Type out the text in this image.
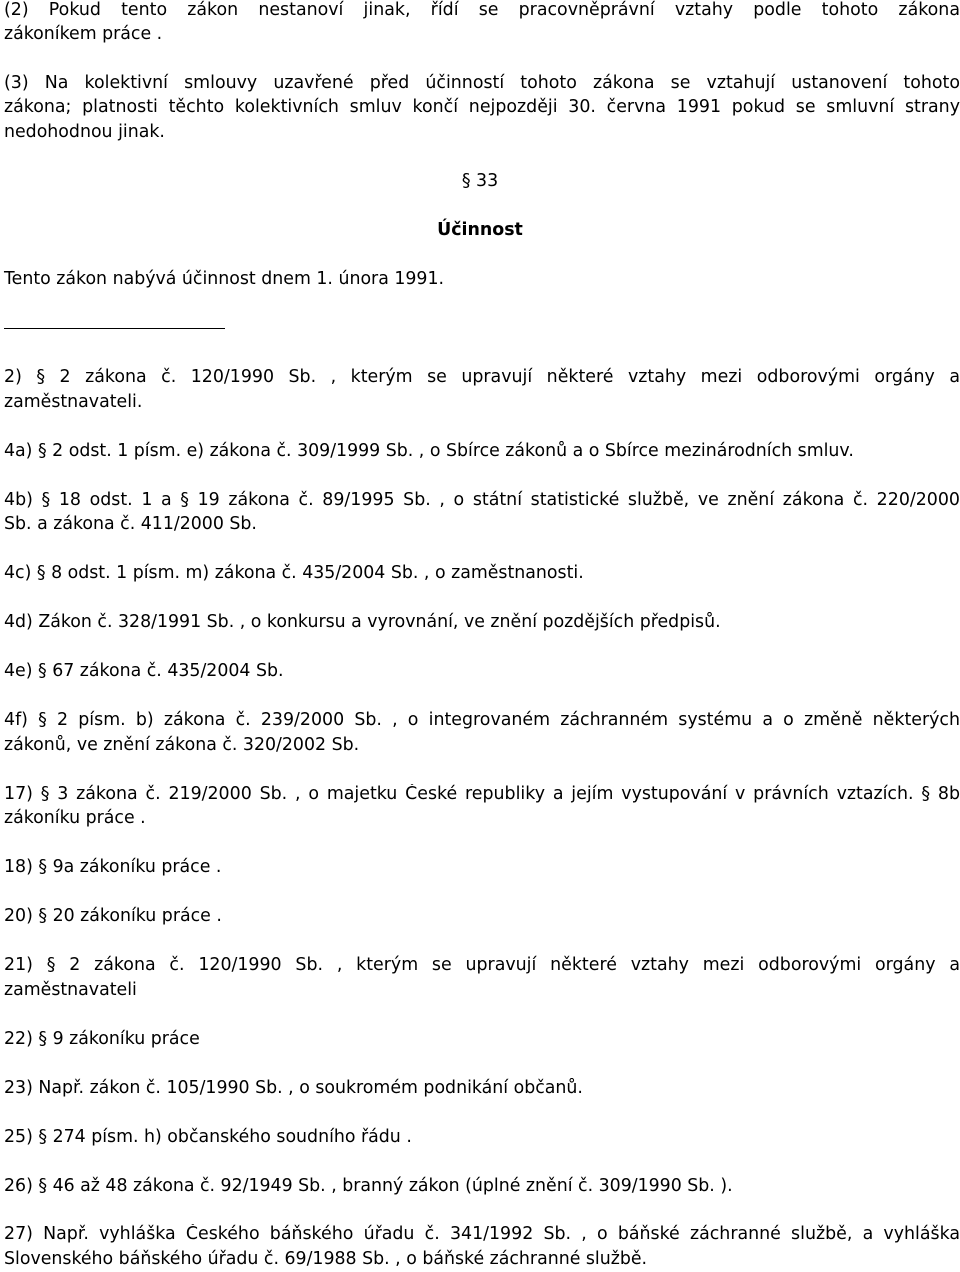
(2) Pokud tento zákon nestanoví jinak, řídí se pracovněprávní vztahy podle tohoto zákona
zákoníkem práce .
(3) Na kolektivní smlouvy uzavřené před účinností tohoto zákona se vztahují ustanovení tohoto
zákona; platnosti těchto kolektivních smluv končí nejpozději 30. června 1991 pokud se smluvní strany
nedohodnou jinak.
§ 33
Účinnost
Tento zákon nabývá účinnost dnem 1. února 1991.
2) § 2 zákona č. 120/1990 Sb. , kterým se upravují některé vztahy mezi odborovými orgány a
zaměstnavateli.
4a) § 2 odst. 1 písm. e) zákona č. 309/1999 Sb. , o Sbírce zákonů a o Sbírce mezinárodních smluv.
4b) § 18 odst. 1 a § 19 zákona č. 89/1995 Sb. , o státní statistické službě, ve znění zákona č. 220/2000
Sb. a zákona č. 411/2000 Sb.
4c) § 8 odst. 1 písm. m) zákona č. 435/2004 Sb. , o zaměstnanosti.
4d) Zákon č. 328/1991 Sb. , o konkursu a vyrovnání, ve znění pozdějších předpisů.
4e) § 67 zákona č. 435/2004 Sb.
4f) § 2 písm. b) zákona č. 239/2000 Sb. , o integrovaném záchranném systému a o změně některých
zákonů, ve znění zákona č. 320/2002 Sb.
17) § 3 zákona č. 219/2000 Sb. , o majetku České republiky a jejím vystupování v právních vztazích. § 8b
zákoníku práce .
18) § 9a zákoníku práce .
20) § 20 zákoníku práce .
21) § 2 zákona č. 120/1990 Sb. , kterým se upravují některé vztahy mezi odborovými orgány a
zaměstnavateli
22) § 9 zákoníku práce
23) Např. zákon č. 105/1990 Sb. , o soukromém podnikání občanů.
25) § 274 písm. h) občanského soudního řádu .
26) § 46 až 48 zákona č. 92/1949 Sb. , branný zákon (úplné znění č. 309/1990 Sb. ).
27) Např. vyhláška Českého báňského úřadu č. 341/1992 Sb. , o báňské záchranné službě, a vyhláška
Slovenského báňského úřadu č. 69/1988 Sb. , o báňské záchranné službě.
